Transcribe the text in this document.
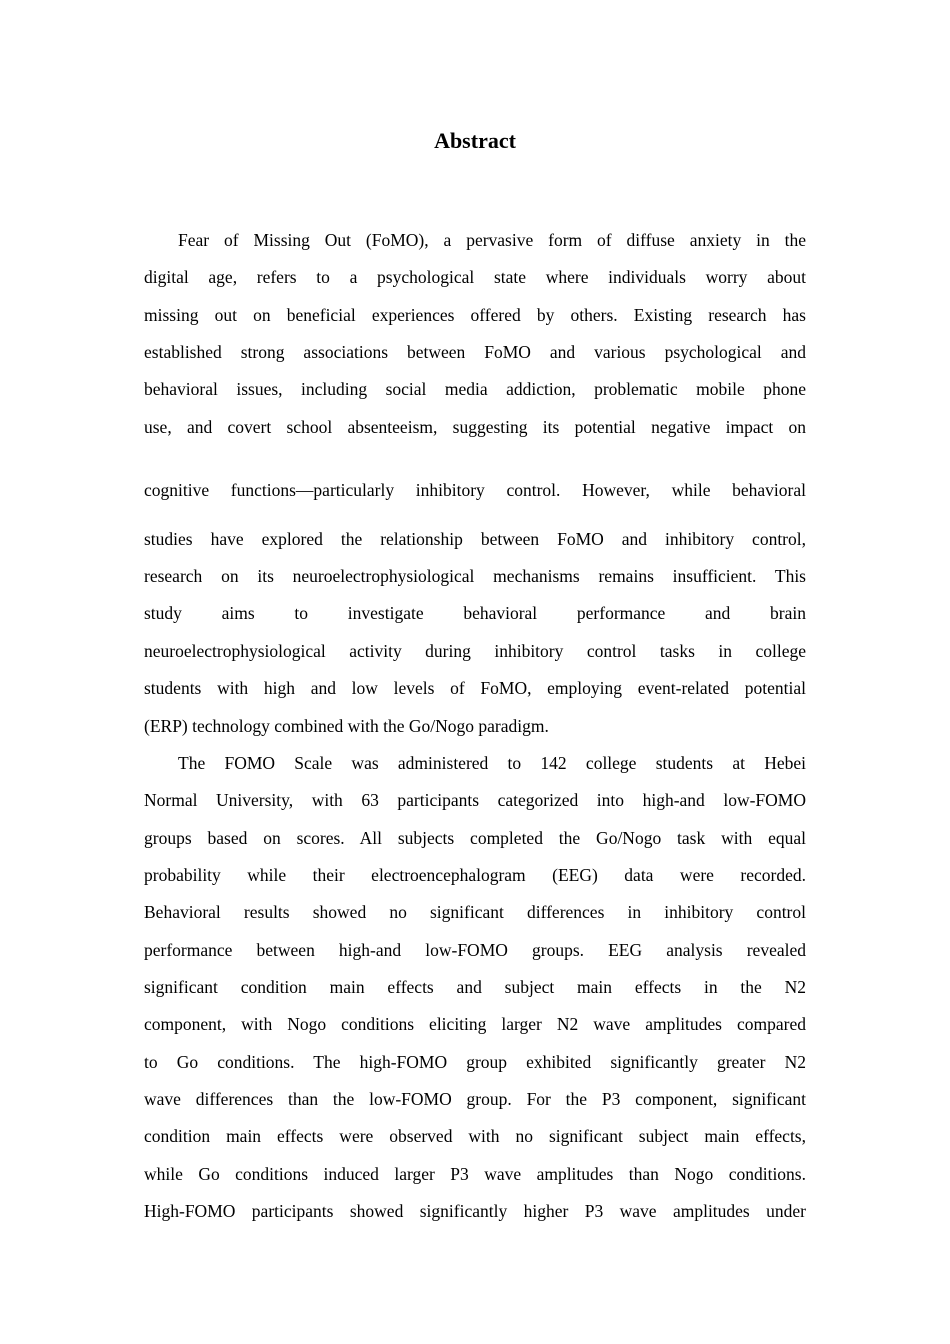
Abstract
Fear of Missing Out (FoMO), a pervasive form of diffuse anxiety in the
digital age, refers to a psychological state where individuals worry about
missing out on beneficial experiences offered by others. Existing research has
established strong associations between FoMO and various psychological and
behavioral issues, including social media addiction, problematic mobile phone
use, and covert school absenteeism, suggesting its potential negative impact on
cognitive functions—particularly inhibitory control. However, while behavioral
studies have explored the relationship between FoMO and inhibitory control,
research on its neuroelectrophysiological mechanisms remains insufficient. This
study aims to investigate behavioral performance and brain
neuroelectrophysiological activity during inhibitory control tasks in college
students with high and low levels of FoMO, employing event-related potential
(ERP) technology combined with the Go/Nogo paradigm.
The FOMO Scale was administered to 142 college students at Hebei
Normal University, with 63 participants categorized into high-and low-FOMO
groups based on scores. All subjects completed the Go/Nogo task with equal
probability while their electroencephalogram (EEG) data were recorded.
Behavioral results showed no significant differences in inhibitory control
performance between high-and low-FOMO groups. EEG analysis revealed
significant condition main effects and subject main effects in the N2
component, with Nogo conditions eliciting larger N2 wave amplitudes compared
to Go conditions. The high-FOMO group exhibited significantly greater N2
wave differences than the low-FOMO group. For the P3 component, significant
condition main effects were observed with no significant subject main effects,
while Go conditions induced larger P3 wave amplitudes than Nogo conditions.
High-FOMO participants showed significantly higher P3 wave amplitudes under
